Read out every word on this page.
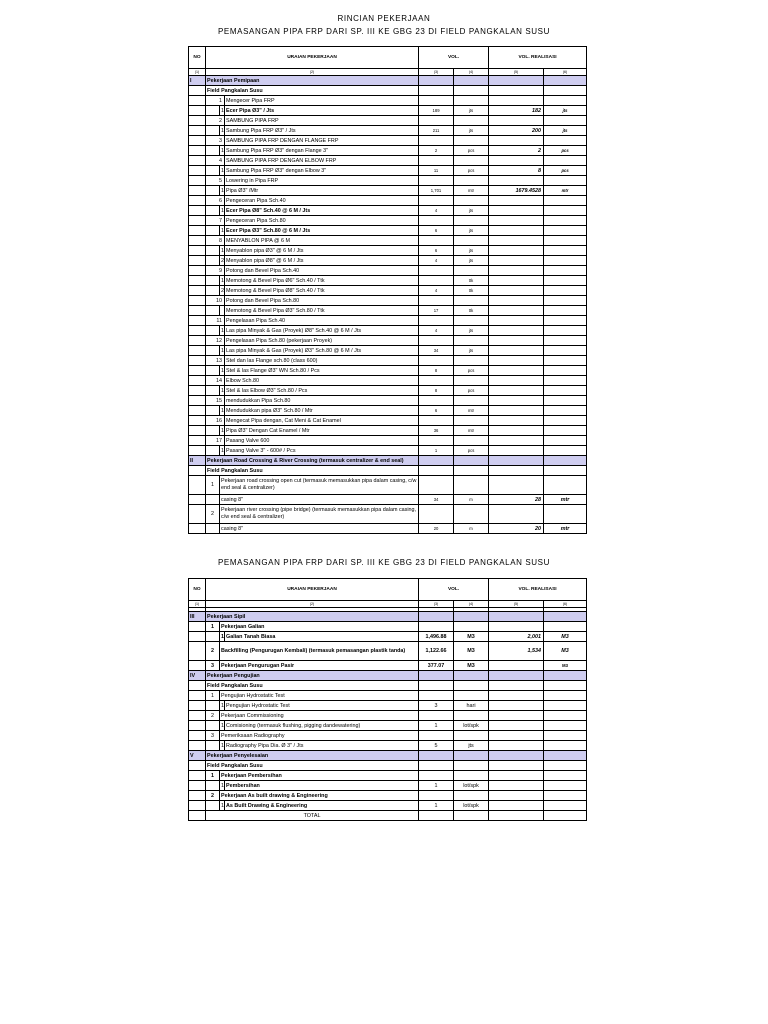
RINCIAN PEKERJAAN
PEMASANGAN PIPA FRP DARI SP. III KE GBG 23 DI FIELD PANGKALAN SUSU
NO	URAIAN PEKERJAAN			VOL.		VOL. REALISASI	
(1)	(2)			(3)	(4)	(5)	(6)
I	Pekerjaan Pemipaan						
	Field Pangkalan Susu						
	1		Mengecer Pipa FRP				
		1	Ecer Pipa Ø3" / Jts	189	jts	182	jts
	2		SAMBUNG PIPA FRP				
		1	Sambung Pipa FRP Ø3" / Jts	211	jts	200	jts
	3		SAMBUNG PIPA FRP DENGAN FLANGE FRP				
		1	Sambung Pipa FRP Ø3" dengan Flange 3"	2	pcs	2	pcs
	4		SAMBUNG PIPA FRP DENGAN ELBOW FRP				
		1	Sambung Pipa FRP Ø3" dengan Elbow 3"	11	pcs	8	pcs
	5		Lowering in Pipa FRP				
		1	Pipa Ø3" /Mtr	1,701	mtr	1679.4528	mtr
	6		Pengeceran Pipa Sch.40				
		1	Ecer Pipa Ø8" Sch.40 @ 6 M / Jts	4	jts		
	7		Pengeceran Pipa Sch.80				
		1	Ecer Pipa Ø3" Sch.80 @ 6 M / Jts	6	jts		
	8		MENYABLON PIPA @ 6 M				
		1	Menyablon pipa Ø3" @ 6 M / Jts	6	jts		
		2	Menyablon pipa Ø8" @ 6 M / Jts	4	jts		
	9		Potong dan Bevel Pipa Sch.40				
		1	Memotong & Bevel Pipa Ø6" Sch.40 / Ttk		ttk		
		2	Memotong & Bevel Pipa Ø8" Sch.40 / Ttk	4	ttk		
	10		Potong dan Bevel Pipa Sch.80				
			Memotong & Bevel Pipa Ø3" Sch.80 / Ttk	17	ttk		
	11		Pengelasan Pipa Sch.40				
		1	Las pipa Minyak & Gas (Proyek) Ø8" Sch.40 @ 6 M / Jts	4	jts		
	12		Pengelasan Pipa Sch.80 (pekerjaan Proyek)				
		1	Las pipa Minyak & Gas (Proyek) Ø3" Sch.80 @ 6 M / Jts	34	jts		
	13		Stel dan las Flange sch.80 (class 600)				
		1	Stel & las Flange Ø3" WN Sch.80 / Pcs	8	pcs		
	14		Elbow Sch.80				
		1	Stel & las Elbow Ø3" Sch.80 / Pcs	8	pcs		
	15		mendudukkan Pipa Sch.80				
		1	Mendudukkan pipa Ø3" Sch.80 / Mtr	6	mtr		
	16		Mengecat Pipa dengan, Cat Meni & Cat Enamel				
		1	Pipa Ø3" Dengan Cat Enamel / Mtr	36	mtr		
	17		Pasang Valve 600				
		1	Pasang Valve 3" - 600# / Pcs	1	pcs		
II	Pekerjaan Road Crossing & River Crossing (termasuk centralizer & end seal)						
	Field Pangkalan Susu						
	1	Pekerjaan road crossing open cut (termasuk memasukkan pipa dalam casing, c/w end seal & centralizer)					
		casing 8"		34	m	28	mtr
	2	Pekerjaan river crossing (pipe bridge) (termasuk memasukkan pipa dalam casing, c/w end seal & centralizer)					
		casing 8"		20	m	20	mtr
PEMASANGAN PIPA FRP DARI SP. III KE GBG 23 DI FIELD PANGKALAN SUSU
NO	URAIAN PEKERJAAN			VOL.		VOL. REALISASI	
(1)	(2)			(3)	(4)	(5)	(6)

III	Pekerjaan Sipil						
	1	Pekerjaan Galian					
		1	Galian Tanah Biasa	1,496.88	M3	2,001	M3
	2	Backfilling (Pengurugan Kembali) (termasuk pemasangan plastik tanda)		1,122.66	M3	1,534	M3
	3	Pekerjaan Pengurugan Pasir		377.07	M3		M3
IV	Pekerjaan Pengujian						
	Field Pangkalan Susu						
	1	Pengujian Hydrostatic Test					
		1	Pengujian Hydrostatic Test	3	hari		
	2	Pekerjaan Commissioning					
		1	Comisioning (termasuk flushing, pigging dandewatering)	1	lot/spk		
	3	Pemeriksaan Radiography					
		1	Radiography Pipa Dia. Ø 3" / Jts	5	jts		
V	Pekerjaan Penyelesaian						
	Field Pangkalan Susu						
	1	Pekerjaan Pembersihan					
		1	Pembersihan	1	lot/spk		
	2	Pekerjaan As built drawing & Engineering					
		1	As Built Drawing & Engineering	1	lot/spk		
	TOTAL						
